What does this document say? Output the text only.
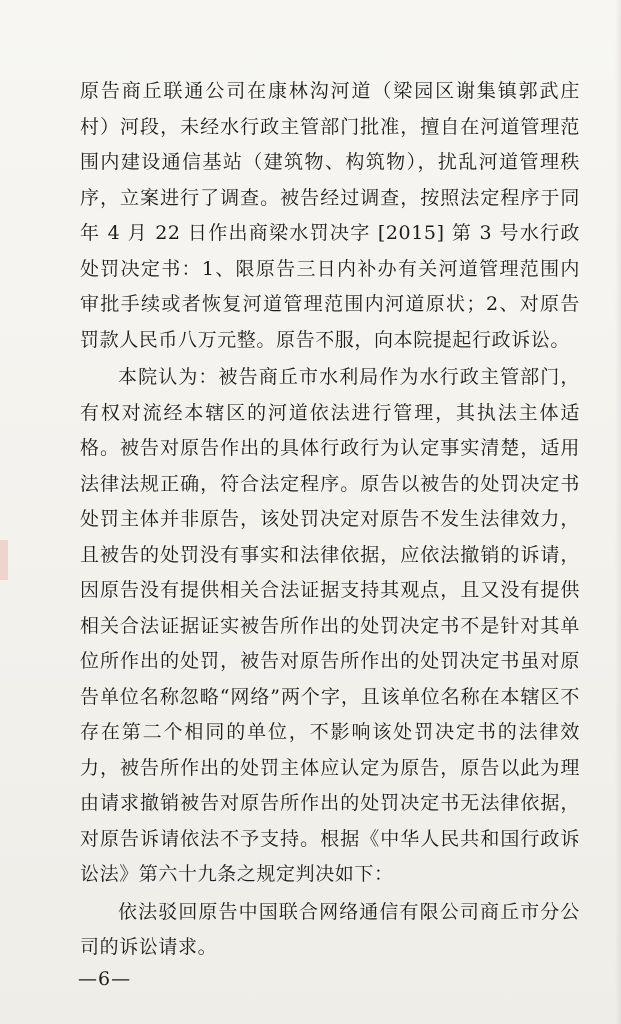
原告商丘联通公司在康林沟河道（梁园区谢集镇郭武庄村）河段，未经水行政主管部门批准，擅自在河道管理范围内建设通信基站（建筑物、构筑物），扰乱河道管理秩序，立案进行了调查。被告经过调查，按照法定程序于同年 4 月 22 日作出商梁水罚决字 [2015] 第 3 号水行政处罚决定书：1、限原告三日内补办有关河道管理范围内审批手续或者恢复河道管理范围内河道原状；2、对原告罚款人民币八万元整。原告不服，向本院提起行政诉讼。

本院认为：被告商丘市水利局作为水行政主管部门，有权对流经本辖区的河道依法进行管理，其执法主体适格。被告对原告作出的具体行政行为认定事实清楚，适用法律法规正确，符合法定程序。原告以被告的处罚决定书处罚主体并非原告，该处罚决定对原告不发生法律效力，且被告的处罚没有事实和法律依据，应依法撤销的诉请，因原告没有提供相关合法证据支持其观点，且又没有提供相关合法证据证实被告所作出的处罚决定书不是针对其单位所作出的处罚，被告对原告所作出的处罚决定书虽对原告单位名称忽略“网络”两个字，且该单位名称在本辖区不存在第二个相同的单位，不影响该处罚决定书的法律效力，被告所作出的处罚主体应认定为原告，原告以此为理由请求撤销被告对原告所作出的处罚决定书无法律依据，对原告诉请依法不予支持。根据《中华人民共和国行政诉讼法》第六十九条之规定判决如下：

依法驳回原告中国联合网络通信有限公司商丘市分公司的诉讼请求。

—6—
